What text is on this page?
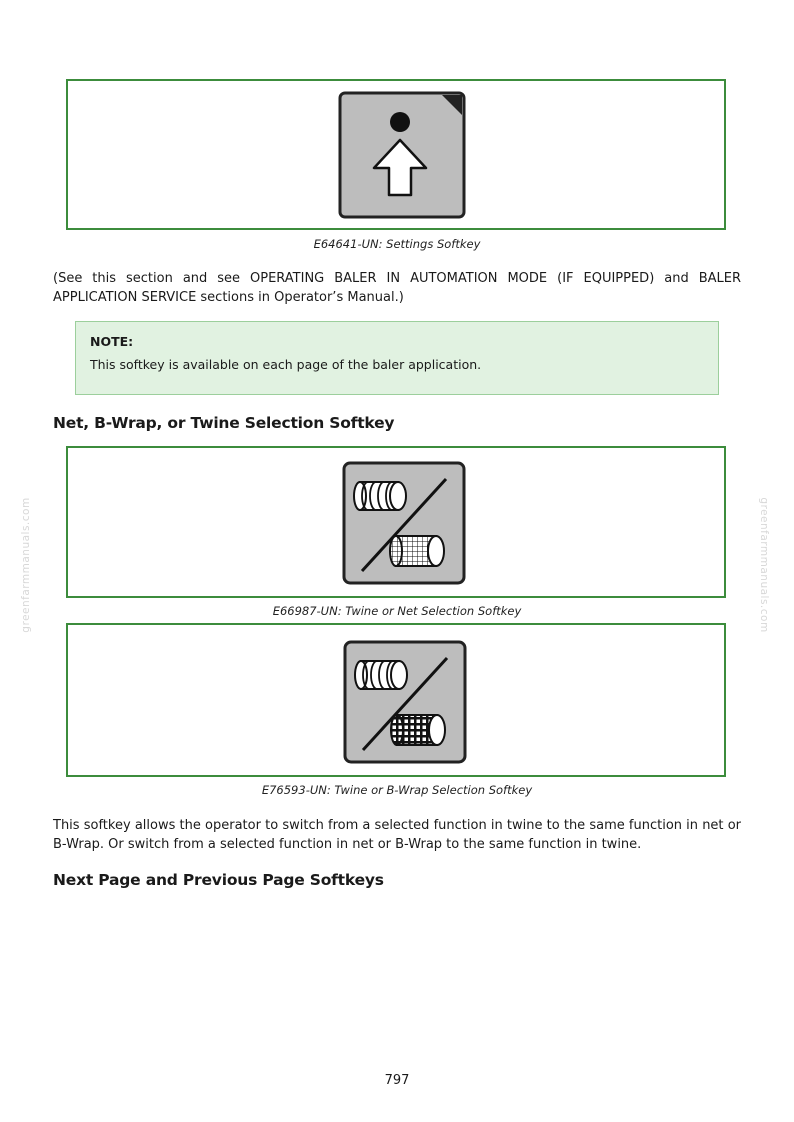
greenfarmmanuals.com	greenfarmmanuals.com
E64641-UN: Settings Softkey

(See this section and see OPERATING BALER IN AUTOMATION MODE (IF EQUIPPED) and BALER APPLICATION SERVICE sections in Operator’s Manual.)

NOTE:
This softkey is available on each page of the baler application.
Net, B-Wrap, or Twine Selection Softkey
E66987-UN: Twine or Net Selection Softkey
E76593-UN: Twine or B-Wrap Selection Softkey

This softkey allows the operator to switch from a selected function in twine to the same function in net or B-Wrap. Or switch from a selected function in net or B-Wrap to the same function in twine.

Next Page and Previous Page Softkeys
797
